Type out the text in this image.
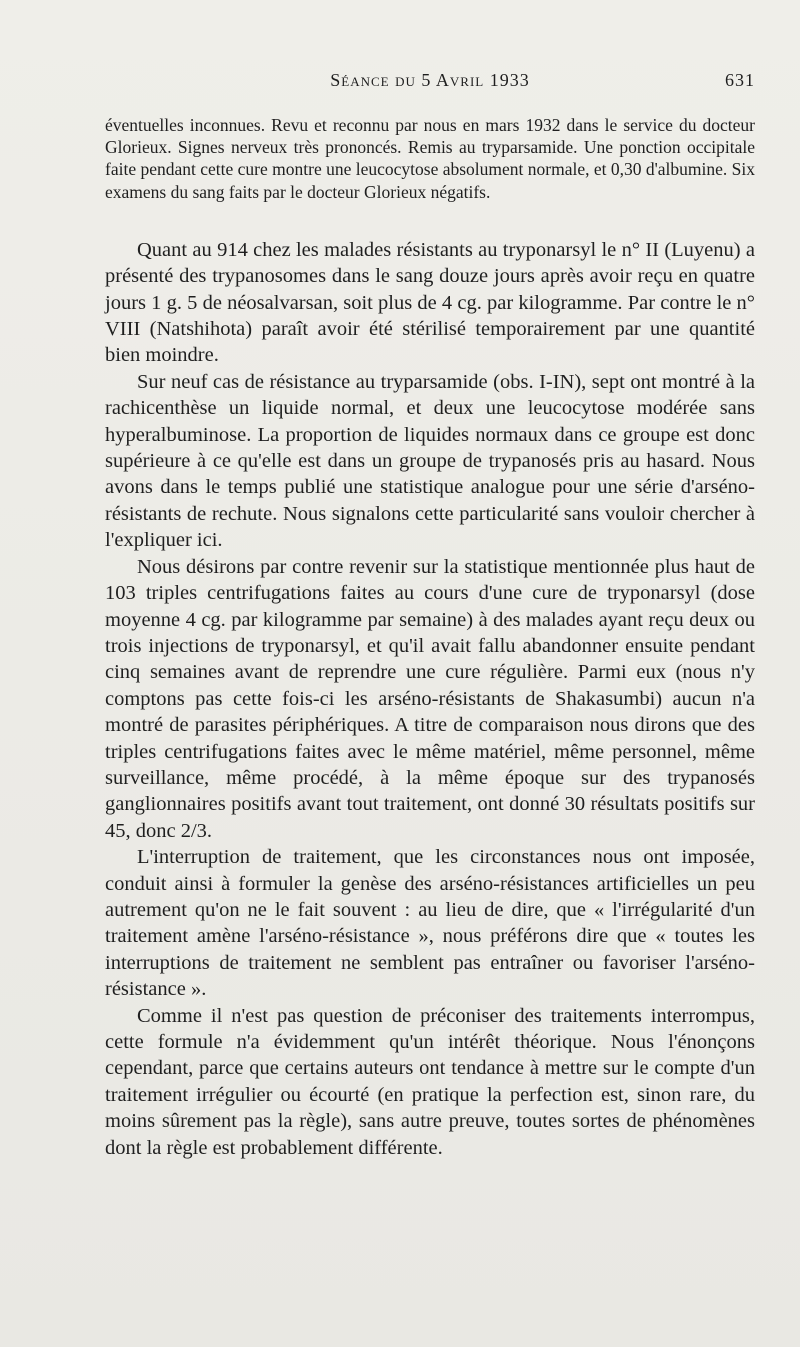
Séance du 5 Avril 1933	631

éventuelles inconnues. Revu et reconnu par nous en mars 1932 dans le service du docteur Glorieux. Signes nerveux très prononcés. Remis au tryparsamide. Une ponction occipitale faite pendant cette cure montre une leucocytose absolument normale, et 0,30 d'albumine. Six examens du sang faits par le docteur Glorieux négatifs.

Quant au 914 chez les malades résistants au tryponarsyl le n° II (Luyenu) a présenté des trypanosomes dans le sang douze jours après avoir reçu en quatre jours 1 g. 5 de néosalvarsan, soit plus de 4 cg. par kilogramme. Par contre le n° VIII (Natshihota) paraît avoir été stérilisé temporairement par une quantité bien moindre.

Sur neuf cas de résistance au tryparsamide (obs. I-IN), sept ont montré à la rachicenthèse un liquide normal, et deux une leucocytose modérée sans hyperalbuminose. La proportion de liquides normaux dans ce groupe est donc supérieure à ce qu'elle est dans un groupe de trypanosés pris au hasard. Nous avons dans le temps publié une statistique analogue pour une série d'arséno-résistants de rechute. Nous signalons cette particularité sans vouloir chercher à l'expliquer ici.

Nous désirons par contre revenir sur la statistique mentionnée plus haut de 103 triples centrifugations faites au cours d'une cure de tryponarsyl (dose moyenne 4 cg. par kilogramme par semaine) à des malades ayant reçu deux ou trois injections de tryponarsyl, et qu'il avait fallu abandonner ensuite pendant cinq semaines avant de reprendre une cure régulière. Parmi eux (nous n'y comptons pas cette fois-ci les arséno-résistants de Shakasumbi) aucun n'a montré de parasites périphériques. A titre de comparaison nous dirons que des triples centrifugations faites avec le même matériel, même personnel, même surveillance, même procédé, à la même époque sur des trypanosés ganglionnaires positifs avant tout traitement, ont donné 30 résultats positifs sur 45, donc 2/3.

L'interruption de traitement, que les circonstances nous ont imposée, conduit ainsi à formuler la genèse des arséno-résistances artificielles un peu autrement qu'on ne le fait souvent : au lieu de dire, que « l'irrégularité d'un traitement amène l'arséno-résistance », nous préférons dire que « toutes les interruptions de traitement ne semblent pas entraîner ou favoriser l'arséno-résistance ».

Comme il n'est pas question de préconiser des traitements interrompus, cette formule n'a évidemment qu'un intérêt théorique. Nous l'énonçons cependant, parce que certains auteurs ont tendance à mettre sur le compte d'un traitement irrégulier ou écourté (en pratique la perfection est, sinon rare, du moins sûrement pas la règle), sans autre preuve, toutes sortes de phénomènes dont la règle est probablement différente.
